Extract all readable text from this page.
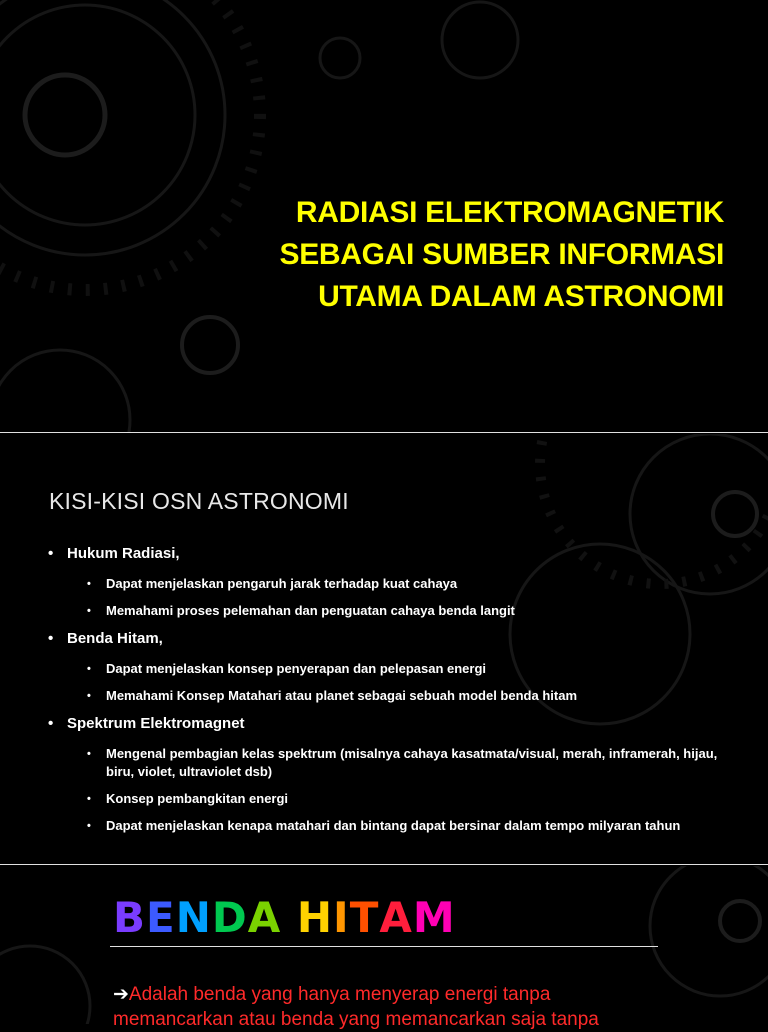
RADIASI ELEKTROMAGNETIK
SEBAGAI SUMBER INFORMASI
UTAMA DALAM ASTRONOMI
KISI-KISI OSN ASTRONOMI
• Hukum Radiasi,
• Dapat menjelaskan pengaruh jarak terhadap kuat cahaya
• Memahami proses pelemahan dan penguatan cahaya benda langit
• Benda Hitam,
• Dapat menjelaskan konsep penyerapan dan pelepasan energi
• Memahami Konsep Matahari atau planet sebagai sebuah model benda hitam
• Spektrum Elektromagnet
• Mengenal pembagian kelas spektrum (misalnya cahaya kasatmata/visual, merah, inframerah, hijau, biru, violet, ultraviolet dsb)
• Konsep pembangkitan energi
• Dapat menjelaskan kenapa matahari dan bintang dapat bersinar dalam tempo milyaran tahun
BENDA HITAM

➔Adalah benda yang hanya menyerap energi tanpa memancarkan atau benda yang memancarkan saja tanpa
